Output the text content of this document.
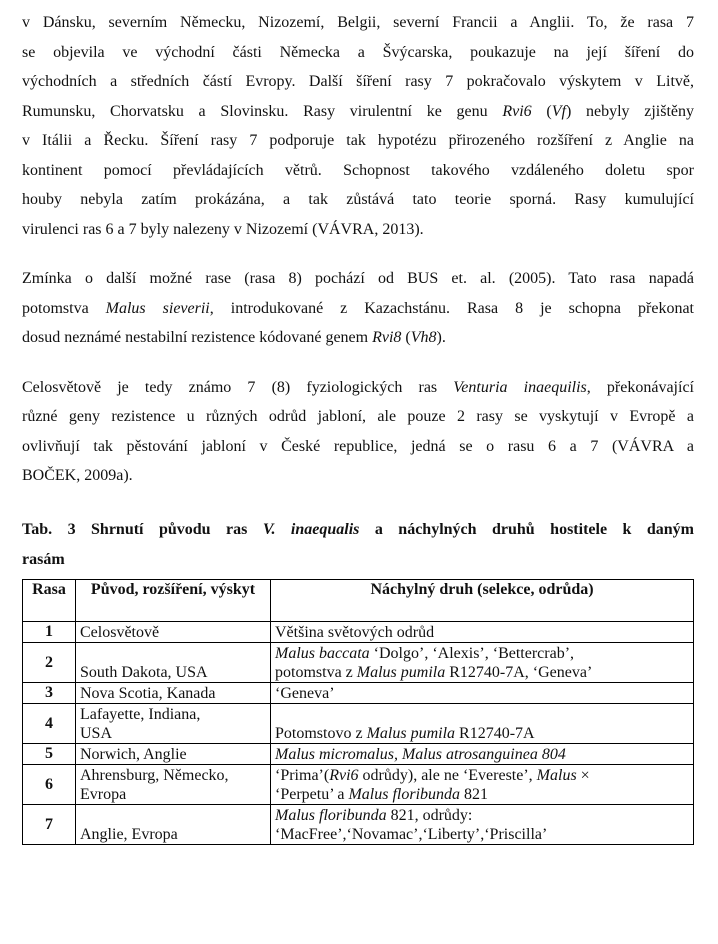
v Dánsku, severním Německu, Nizozemí, Belgii, severní Francii a Anglii. To, že rasa 7
se objevila ve východní části Německa a Švýcarska, poukazuje na její šíření do
východních a středních částí Evropy. Další šíření rasy 7 pokračovalo výskytem v Litvě,
Rumunsku, Chorvatsku a Slovinsku. Rasy virulentní ke genu Rvi6 (Vf) nebyly zjištěny
v Itálii a Řecku. Šíření rasy 7 podporuje tak hypotézu přirozeného rozšíření z Anglie na
kontinent pomocí převládajících větrů. Schopnost takového vzdáleného doletu spor
houby nebyla zatím prokázána, a tak zůstává tato teorie sporná. Rasy kumulující
virulenci ras 6 a 7 byly nalezeny v Nizozemí (VÁVRA, 2013).

Zmínka o další možné rase (rasa 8) pochází od BUS et. al. (2005). Tato rasa napadá
potomstva Malus sieverii, introdukované z Kazachstánu. Rasa 8 je schopna překonat
dosud neznámé nestabilní rezistence kódované genem Rvi8 (Vh8).

Celosvětově je tedy známo 7 (8) fyziologických ras Venturia inaequilis, překonávající
různé geny rezistence u různých odrůd jabloní, ale pouze 2 rasy se vyskytují v Evropě a
ovlivňují tak pěstování jabloní v České republice, jedná se o rasu 6 a 7 (VÁVRA a
BOČEK, 2009a).

Tab. 3 Shrnutí původu ras V. inaequalis a náchylných druhů hostitele k daným
rasám
Rasa	Původ, rozšíření, výskyt	Náchylný druh (selekce, odrůda)
1	Celosvětově	Většina světových odrůd
2	South Dakota, USA	Malus baccata ‘Dolgo’, ‘Alexis’, ‘Bettercrab’,
potomstva z Malus pumila R12740-7A, ‘Geneva’
3	Nova Scotia, Kanada	‘Geneva’
4	Lafayette, Indiana,
USA	Potomstovo z Malus pumila R12740-7A
5	Norwich, Anglie	Malus micromalus, Malus atrosanguinea 804
6	Ahrensburg, Německo,
Evropa	‘Prima’(Rvi6 odrůdy), ale ne ‘Evereste’, Malus ×
‘Perpetu’ a Malus floribunda 821
7	Anglie, Evropa	Malus floribunda 821, odrůdy:
‘MacFree’,‘Novamac’,‘Liberty’,‘Priscilla’
